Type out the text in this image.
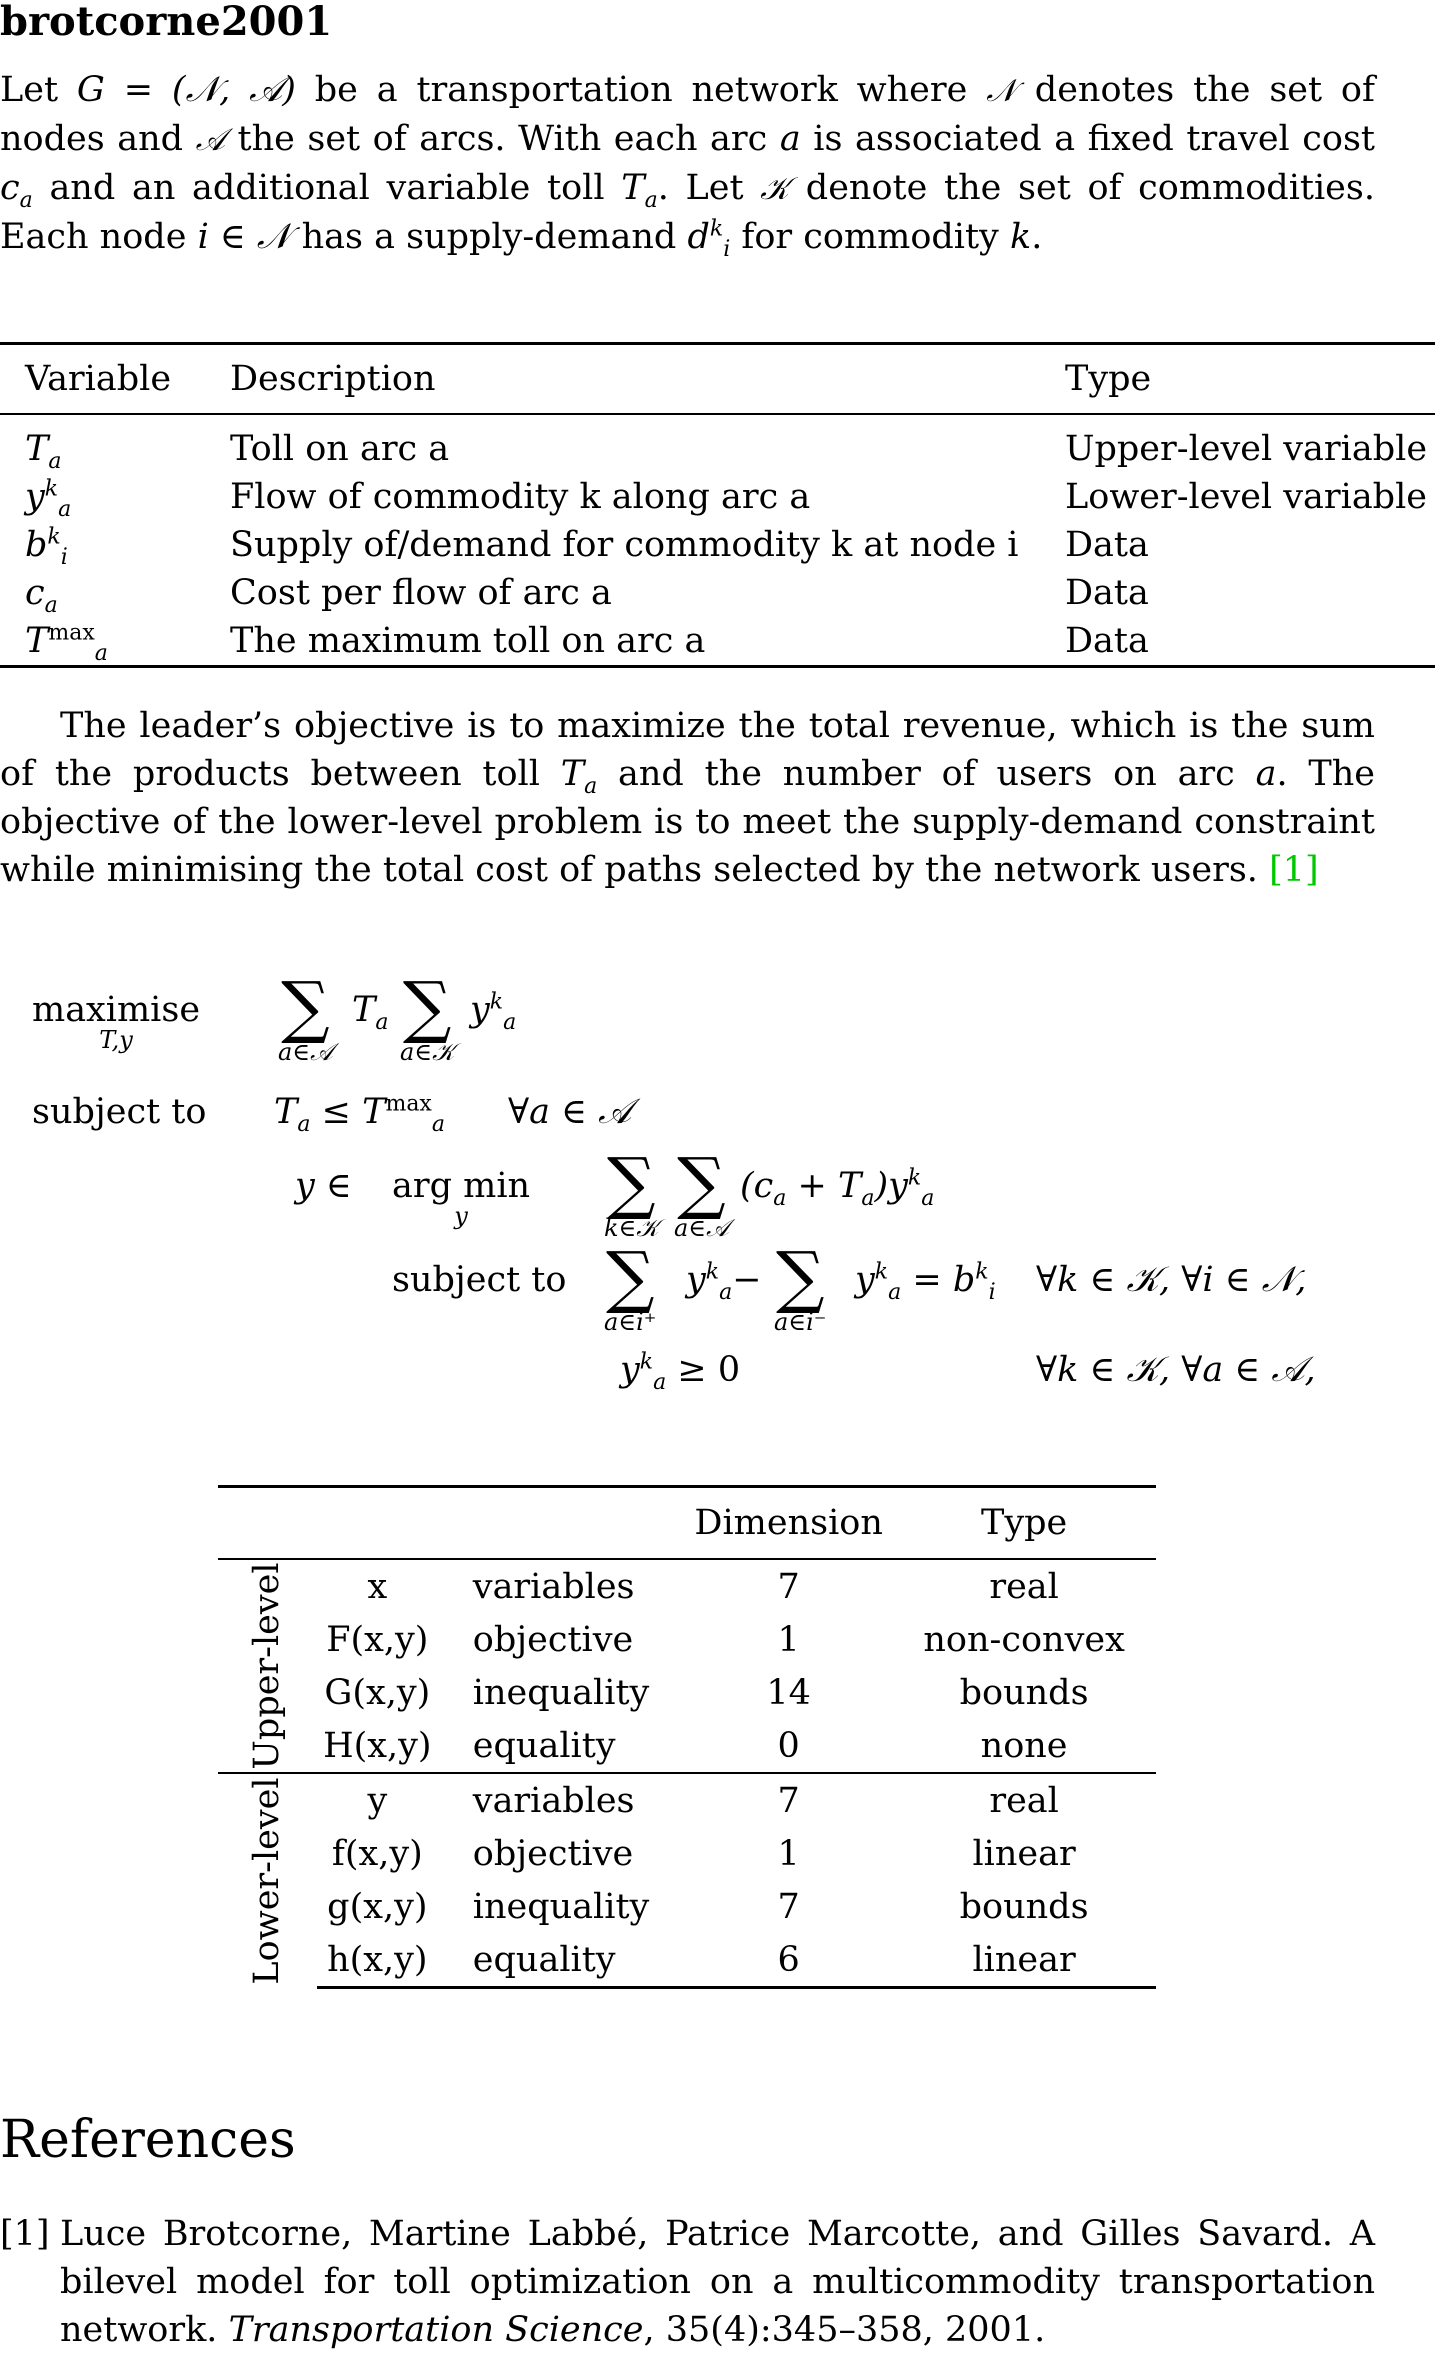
brotcorne2001

Let G = (𝒩, 𝒜) be a transportation network where 𝒩 denotes the set of nodes and 𝒜 the set of arcs. With each arc a is associated a fixed travel cost $c_a$ and an additional variable toll $T_a$. Let 𝒦 denote the set of commodities. Each node i ∈ 𝒩 has a supply-demand $d^k_i$ for commodity k.

Variable	Description	Type
$T_a$	Toll on arc a	Upper-level variable
$y^k_a$	Flow of commodity k along arc a	Lower-level variable
$b^k_i$	Supply of/demand for commodity k at node i	Data
$c_a$	Cost per flow of arc a	Data
$T^{max}_a$	The maximum toll on arc a	Data

The leader’s objective is to maximize the total revenue, which is the sum of the products between toll $T_a$ and the number of users on arc a. The objective of the lower-level problem is to meet the supply-demand constraint while minimising the total cost of paths selected by the network users. [1]

maximise
T,y	∑
a∈𝒜
$T_a$ ∑
a∈𝒦
$y^k_a$
subject to $T_a \le T^{max}_a$ ∀a ∈ 𝒜
y ∈ arg min
y	∑
k∈𝒦
∑
a∈𝒜
$(c_a + T_a)y^k_a$
subject to ∑
a∈i⁺
$y^k_a-$ ∑
a∈i⁻
$y^k_a = b^k_i$ ∀k ∈ 𝒦, ∀i ∈ 𝒩,
$y^k_a \ge 0$	∀k ∈ 𝒦, ∀a ∈ 𝒜,
			Dimension	Type

Upper-level	x	variables	7	real
	F(x,y)	objective	1	non-convex
	G(x,y)	inequality	14	bounds
	H(x,y)	equality	0	none

Lower-level	y	variables	7	real
	f(x,y)	objective	1	linear
	g(x,y)	inequality	7	bounds
	h(x,y)	equality	6	linear
References
[1] Luce Brotcorne, Martine Labbé, Patrice Marcotte, and Gilles Savard. A bilevel model for toll optimization on a multicommodity transportation network. Transportation Science, 35(4):345–358, 2001.
